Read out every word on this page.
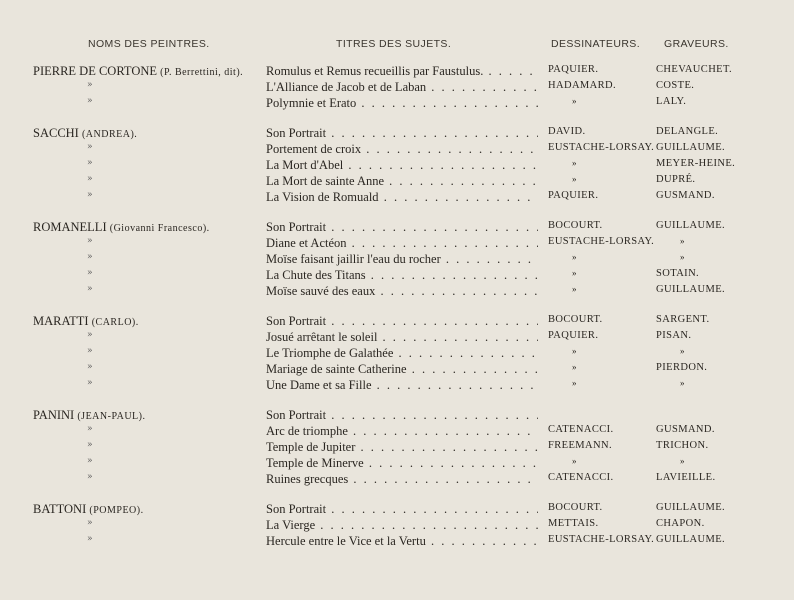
NOMS DES PEINTRES.	TITRES DES SUJETS.	DESSINATEURS. GRAVEURS.
PIERRE DE CORTONE (P. Berrettini, dit).	Romulus et Remus recueillis par Faustulus. . . .	PAQUIER.	CHEVAUCHET.
»	L'Alliance de Jacob et de Laban . . .	HADAMARD.	COSTE.
»	Polymnie et Erato . . .	»	LALY.
SACCHI (ANDREA).	Son Portrait . . .	DAVID.	DELANGLE.
»	Portement de croix . . .	EUSTACHE-LORSAY. GUILLAUME.
»	La Mort d'Abel . . .	»	MEYER-HEINE.
»	La Mort de sainte Anne . . .	»	DUPRÉ.
»	La Vision de Romuald . . .	PAQUIER.	GUSMAND.
ROMANELLI (Giovanni Francesco).	Son Portrait . . .	BOCOURT.	GUILLAUME.
»	Diane et Actéon . . .	EUSTACHE-LORSAY.	»
»	Moïse faisant jaillir l'eau du rocher . . .	»	»
»	La Chute des Titans . . .	»	SOTAIN.
»	Moïse sauvé des eaux . . .	»	GUILLAUME.
MARATTI (CARLO).	Son Portrait . . .	BOCOURT.	SARGENT.
»	Josué arrêtant le soleil . . .	PAQUIER.	PISAN.
»	Le Triomphe de Galathée . . .	»	»
»	Mariage de sainte Catherine . . .	»	PIERDON.
»	Une Dame et sa Fille . . .	»	»
PANINI (JEAN-PAUL).	Son Portrait . . .
»	Arc de triomphe . . .	CATENACCI.	GUSMAND.
»	Temple de Jupiter . . .	FREEMANN.	TRICHON.
»	Temple de Minerve . . .	»	»
»	Ruines grecques . . .	CATENACCI.	LAVIEILLE.
BATTONI (POMPEO).	Son Portrait . . .	BOCOURT.	GUILLAUME.
»	La Vierge . . .	METTAIS.	CHAPON.
»	Hercule entre le Vice et la Vertu . . .	EUSTACHE-LORSAY. GUILLAUME.
